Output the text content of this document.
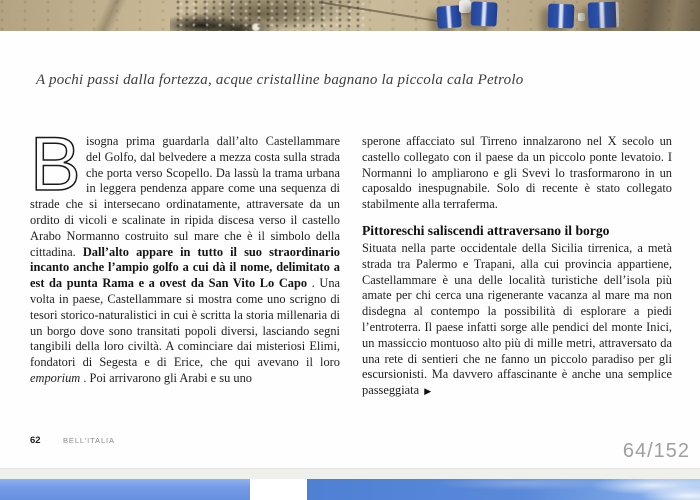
A pochi passi dalla fortezza, acque cristalline bagnano la piccola cala Petrolo

B isogna prima guardarla dall’alto Castellammare del Golfo, dal belvedere a mezza costa sulla strada che porta verso Scopello. Da lassù la trama urbana in leggera pendenza appare come una sequenza di strade che si intersecano ordinatamente, attraversate da un ordito di vicoli e scalinate in ripida discesa verso il castello Arabo Normanno costruito sul mare che è il simbolo della cittadina. Dall’alto appare in tutto il suo straordinario incanto anche l’ampio golfo a cui dà il nome, delimitato a est da punta Rama e a ovest da San Vito Lo Capo . Una volta in paese, Castellammare si mostra come uno scrigno di tesori storico-naturalistici in cui è scritta la storia millenaria di un borgo dove sono transitati popoli diversi, lasciando segni tangibili della loro civiltà. A cominciare dai misteriosi Elimi, fondatori di Segesta e di Erice, che qui avevano il loro emporium . Poi arrivarono gli Arabi e su uno

sperone affacciato sul Tirreno innalzarono nel X secolo un castello collegato con il paese da un piccolo ponte levatoio. I Normanni lo ampliarono e gli Svevi lo trasformarono in un caposaldo inespugnabile. Solo di recente è stato collegato stabilmente alla terraferma.

Pittoreschi saliscendi attraversano il borgo

Situata nella parte occidentale della Sicilia tirrenica, a metà strada tra Palermo e Trapani, alla cui provincia appartiene, Castellammare è una delle località turistiche dell’isola più amate per chi cerca una rigenerante vacanza al mare ma non disdegna al contempo la possibilità di esplorare a piedi l’entroterra. Il paese infatti sorge alle pendici del monte Inici, un massiccio montuoso alto più di mille metri, attraversato da una rete di sentieri che ne fanno un piccolo paradiso per gli escursionisti. Ma davvero affascinante è anche una semplice passeggiata ▶

62	BELL’ITALIA	64/152
